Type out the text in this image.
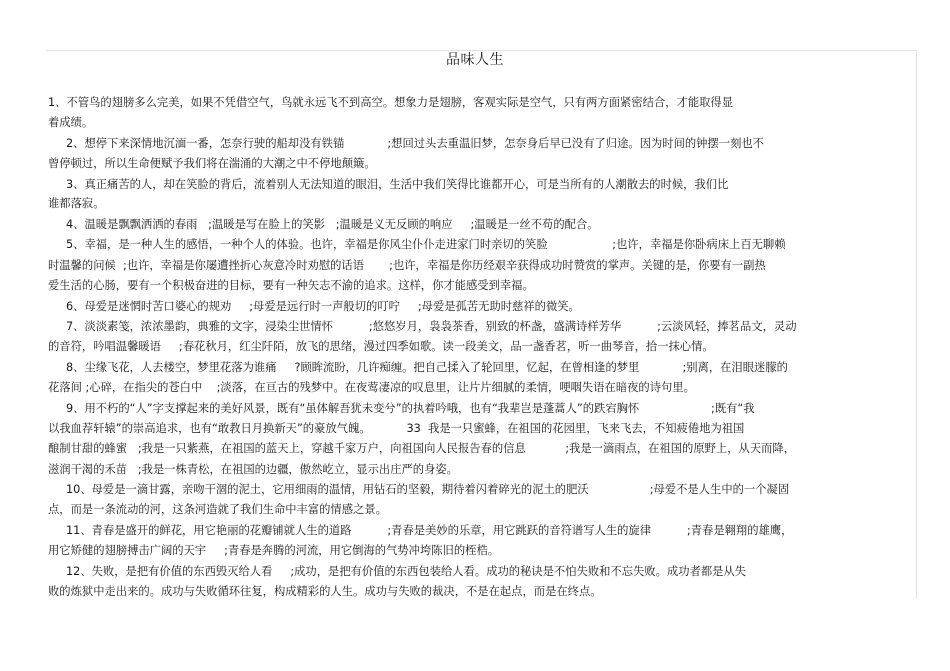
品味人生
1、不管鸟的翅膀多么完美，如果不凭借空气，鸟就永远飞不到高空。想象力是翅膀，客观实际是空气，只有两方面紧密结合，才能取得显
着成绩。
2、想停下来深情地沉湎一番，怎奈行驶的船却没有铁锚            ;想回过头去重温旧梦，怎奈身后早已没有了归途。因为时间的钟摆一刻也不
曾停顿过，所以生命便赋予我们将在湍涌的大潮之中不停地颠簸。
3、真正痛苦的人，却在笑脸的背后，流着别人无法知道的眼泪，生活中我们笑得比谁都开心，可是当所有的人潮散去的时候，我们比
谁都落寂。
4、温暖是飘飘洒洒的春雨   ;温暖是写在脸上的笑影   ;温暖是义无反顾的响应     ;温暖是一丝不苟的配合。
5、幸福，是一种人生的感悟，一种个人的体验。也许，幸福是你风尘仆仆走进家门时亲切的笑脸                  ;也许，幸福是你卧病床上百无聊赖
时温馨的问候  ;也许，幸福是你屡遭挫折心灰意冷时劝慰的话语       ;也许，幸福是你历经艰辛获得成功时赞赏的掌声。关键的是，你要有一副热
爱生活的心肠，要有一个积极奋进的目标，要有一种矢志不渝的追求。这样，你才能感受到幸福。
6、母爱是迷惘时苦口婆心的规劝     ;母爱是远行时一声般切的叮咛     ;母爱是孤苦无助时慈祥的微笑。
7、淡淡素笺，浓浓墨韵，典雅的文字，浸染尘世情怀          ;悠悠岁月，袅袅茶香，别致的杯盏，盛满诗样芳华          ;云淡风轻，捧茗品文，灵动
的音符，吟唱温馨暖语     ;春花秋月，红尘阡陌，放飞的思绪，漫过四季如歌。读一段美文，品一盏香茗，听一曲琴音，拾一抹心情。
8、尘缘飞花，人去楼空，梦里花落为谁痛     ?顾眸流盼，几许痴缠。把自己揉入了轮回里，忆起，在曾相逢的梦里            ;别离，在泪眼迷朦的
花落间 ;心碎，在指尖的苍白中    ;淡落，在亘古的残梦中。在夜莺凄凉的叹息里，让片片细腻的柔情，哽咽失语在暗夜的诗句里。
9、用不朽的“人”字支撑起来的美好风景，既有“虽体解吾犹未变兮”的执着吟哦，也有“我辈岂是蓬蒿人”的跌宕胸怀                    ;既有“我
以我血荐轩辕”的崇高追求，也有“敢教日月换新天”的豪放气魄。          33  我是一只蜜蜂，在祖国的花园里，飞来飞去，不知疲倦地为祖国
酿制甘甜的蜂蜜   ;我是一只紫燕，在祖国的蓝天上，穿越千家万户，向祖国向人民报告春的信息           ;我是一滴雨点，在祖国的原野上，从天而降，
滋润干渴的禾苗   ;我是一株青松，在祖国的边疆，傲然屹立，显示出庄严的身姿。
10、母爱是一滴甘露，亲吻干涸的泥土，它用细雨的温情，用钻石的坚毅，期待着闪着碎光的泥土的肥沃                 ;母爱不是人生中的一个凝固
点，而是一条流动的河，这条河造就了我们生命中丰富的情感之景。
11、青春是盛开的鲜花，用它艳丽的花瓣铺就人生的道路          ;青春是美妙的乐章，用它跳跃的音符谱写人生的旋律          ;青春是翱翔的雄鹰，
用它矫健的翅膀搏击广阔的天宇     ;青春是奔腾的河流，用它倒海的气势冲垮陈旧的桎梏。
12、失败，是把有价值的东西毁灭给人看     ;成功，是把有价值的东西包装给人看。成功的秘诀是不怕失败和不忘失败。成功者都是从失
败的炼狱中走出来的。成功与失败循环往复，构成精彩的人生。成功与失败的裁决，不是在起点，而是在终点。
